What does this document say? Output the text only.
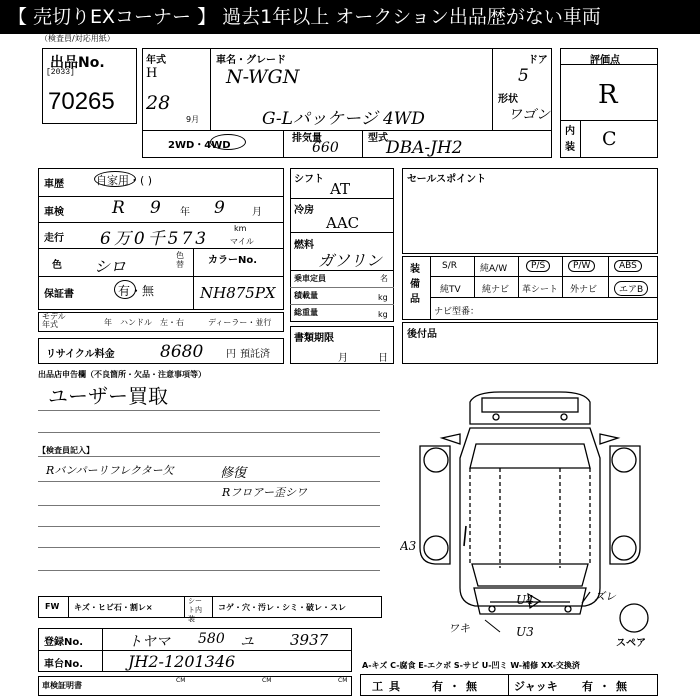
【 売切りEXコーナー 】 過去1年以上 オークション出品歴がない車両
（検査員/対応用紙）
出品No.
[2033]
70265
年式
H
28
9月
車名・グレード
N-WGN
G-Lパッケージ 4WD
ドア
5
形状
ワゴン
2WD・4WD
排気量
660
型式
DBA-JH2
評価点
R
内装 C
車歴	自家用・( )
車検	R 9 年 9	月
走行 6万0千573
km
マイル
色 シロ
色替 カラーNo.
NH875PX
保証書	有・無
モデル年式	年 ハンドル 左・右	ディーラー・並行
リサイクル料金	8680 円 預託済
シフト
AT
冷房
AAC
燃料
ガソリン
乗車定員	名
積載量	kg
総重量	kg
書類期限
月	日
セールスポイント
装備品
S/R	純A/W	P/S	P/W	ABS
純TV 純ナビ 革シート 外ナビ	エアB
ナビ型番：
後付品
出品店申告欄（不良箇所・欠品・注意事項等）
ユーザー買取
【検査員記入】
Rバンパーリフレクター欠	修復
Rフロアー歪シワ
FW キズ・ヒビ石・割レ×
シート内装
コゲ・穴・汚レ・シミ・破レ・スレ
A3
U4
U3
ズレ
ワキ
スペア
登録No.	トヤマ 580 ユ 3937
車台No.	JH2-1201346
車検証明書
CM	CM	CM
A-キズ C-腐食 E-エクボ S-サビ U-凹ミ W-補修 XX-交換済
工具 有・無	ジャッキ 有・無
